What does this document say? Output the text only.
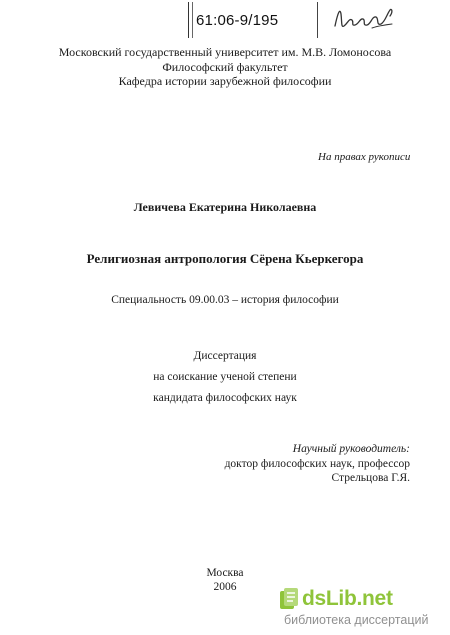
61:06-9/195
Московский государственный университет им. М.В. Ломоносова
Философский факультет
Кафедра истории зарубежной философии
На правах рукописи
Левичева Екатерина Николаевна
Религиозная антропология Сёрена Кьеркегора
Специальность 09.00.03 – история философии
Диссертация
на соискание ученой степени
кандидата философских наук
Научный руководитель:
доктор философских наук, профессор
Стрельцова Г.Я.
Москва
2006	dsLib.net
библиотека диссертаций
